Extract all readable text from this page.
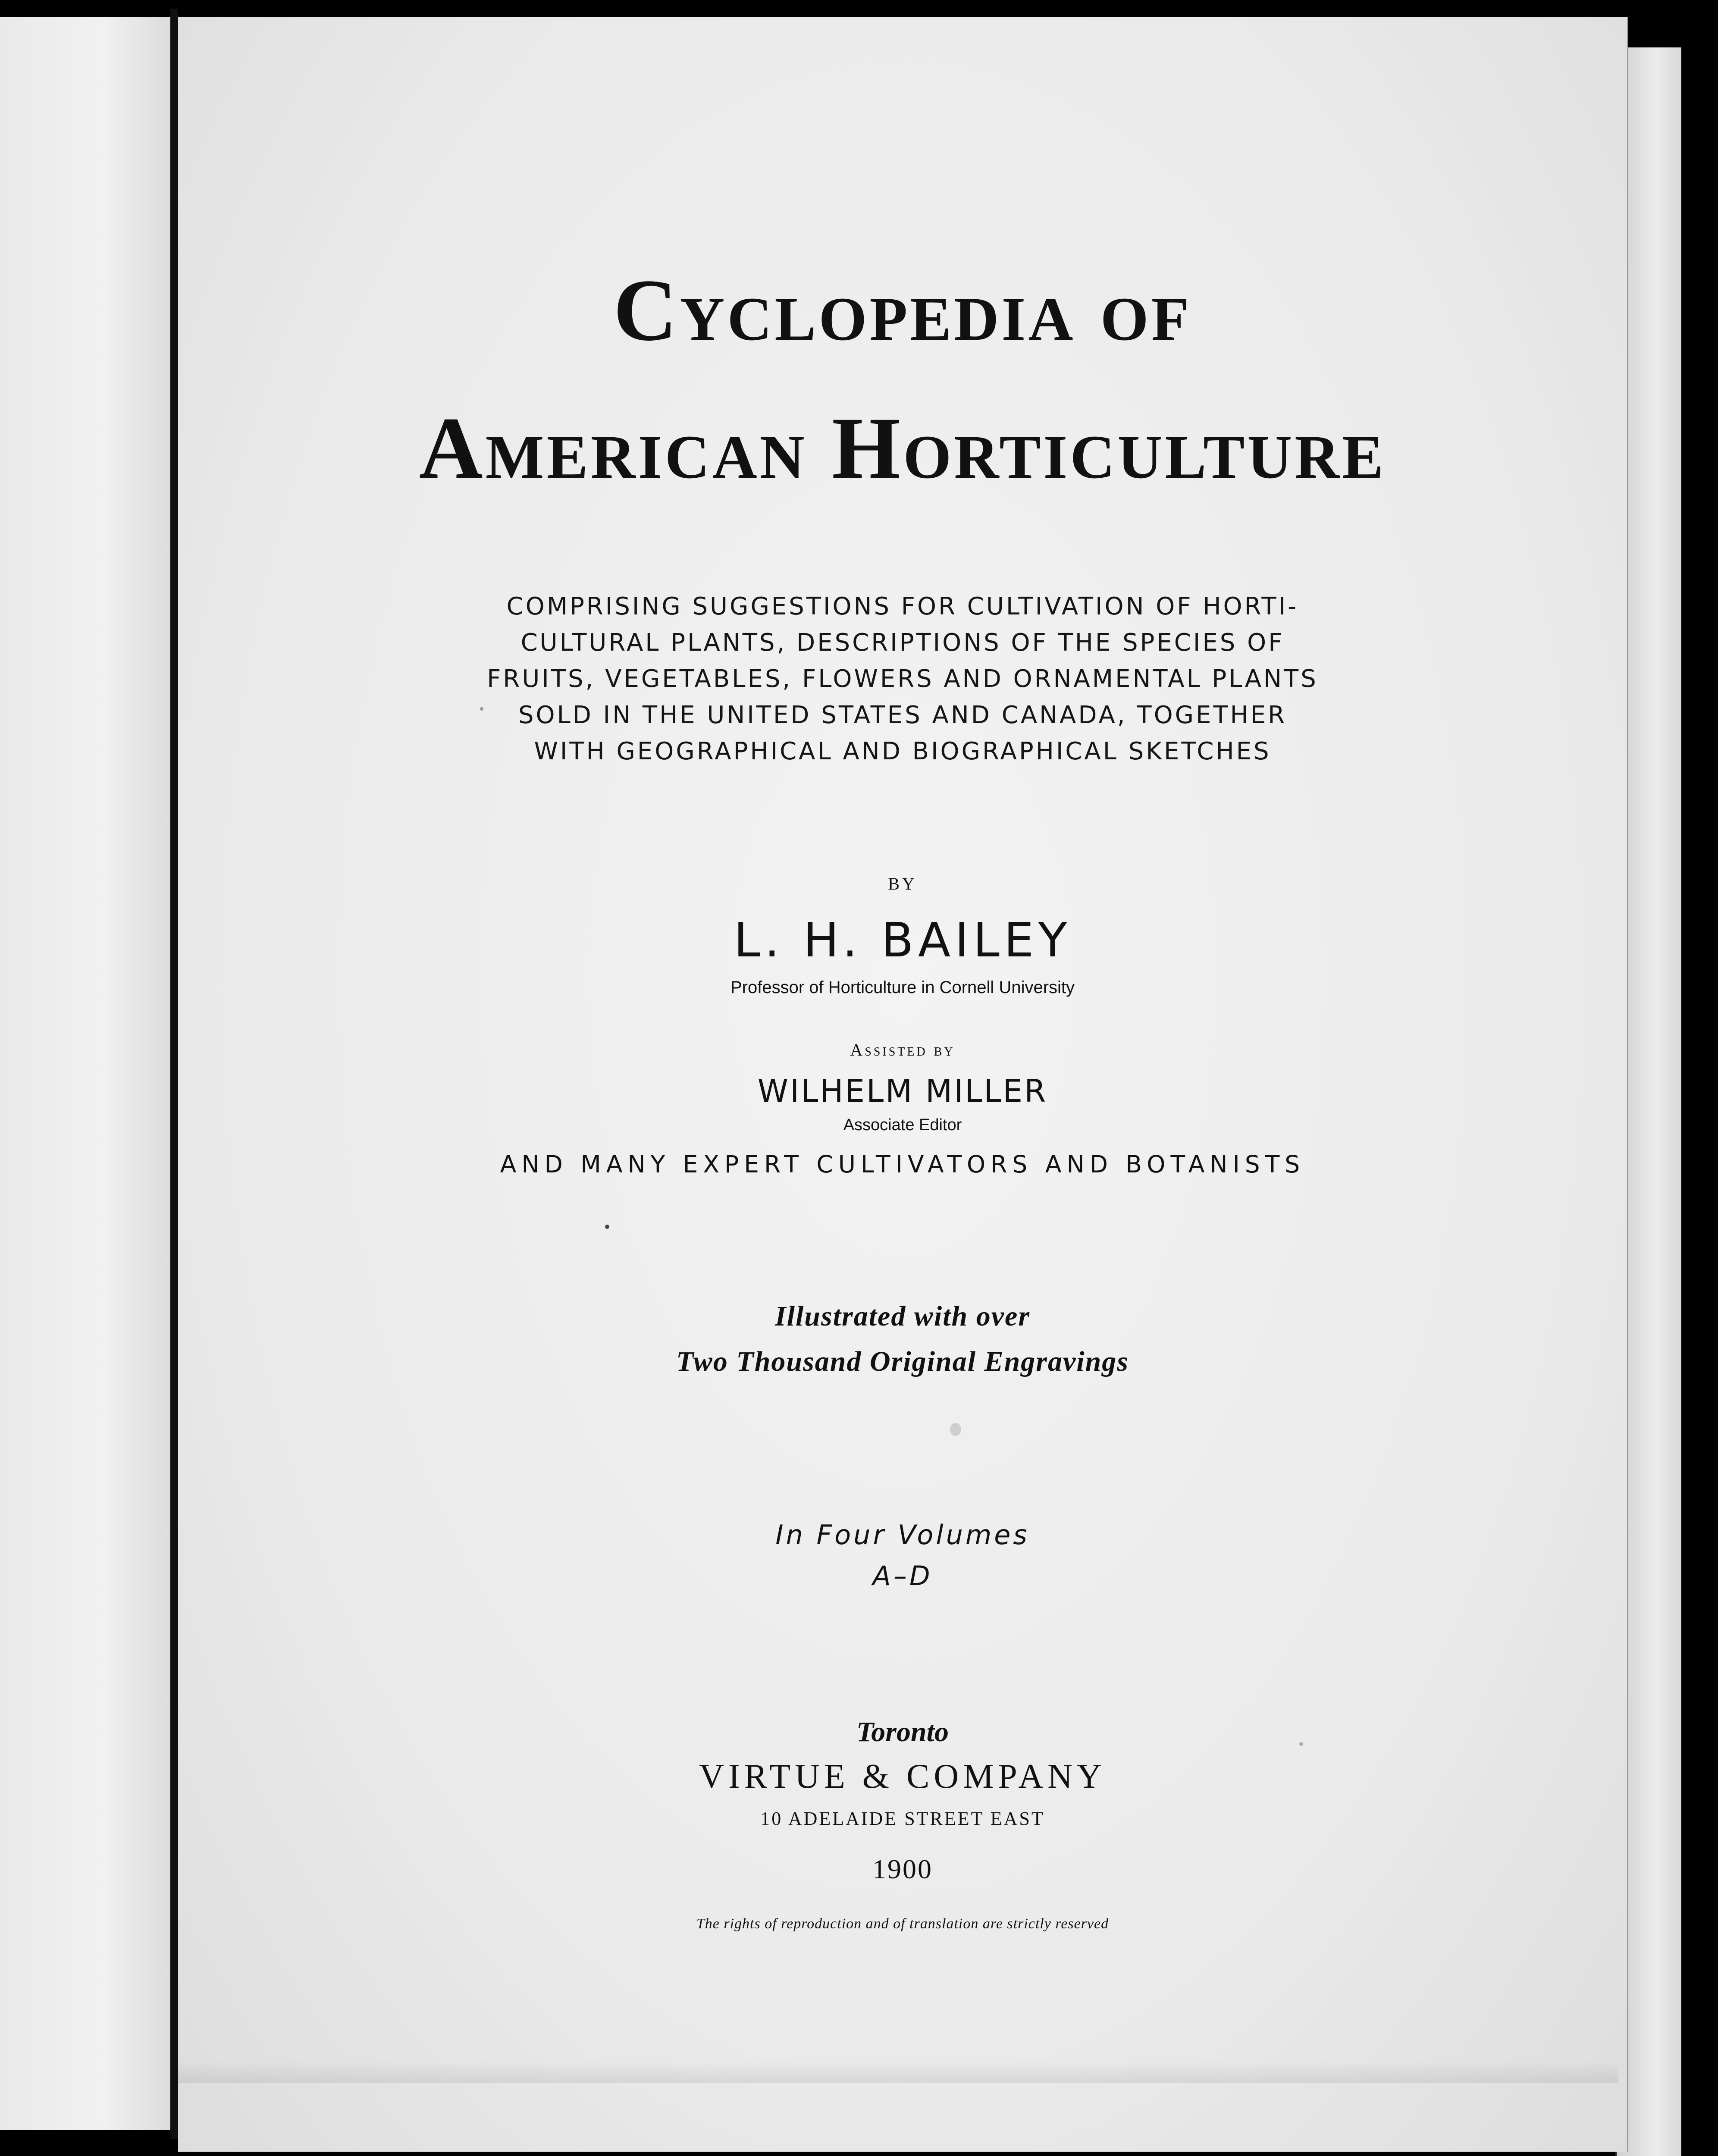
Cyclopedia of
American Horticulture
COMPRISING SUGGESTIONS FOR CULTIVATION OF HORTI-
CULTURAL PLANTS, DESCRIPTIONS OF THE SPECIES OF
FRUITS, VEGETABLES, FLOWERS AND ORNAMENTAL PLANTS
SOLD IN THE UNITED STATES AND CANADA, TOGETHER
WITH GEOGRAPHICAL AND BIOGRAPHICAL SKETCHES

BY

L. H. BAILEY

Professor of Horticulture in Cornell University

Assisted by

WILHELM MILLER

Associate Editor

AND MANY EXPERT CULTIVATORS AND BOTANISTS

Illustrated with over

Two Thousand Original Engravings

In Four Volumes

A–D

Toronto

VIRTUE & COMPANY

10 ADELAIDE STREET EAST

1900

The rights of reproduction and of translation are strictly reserved
